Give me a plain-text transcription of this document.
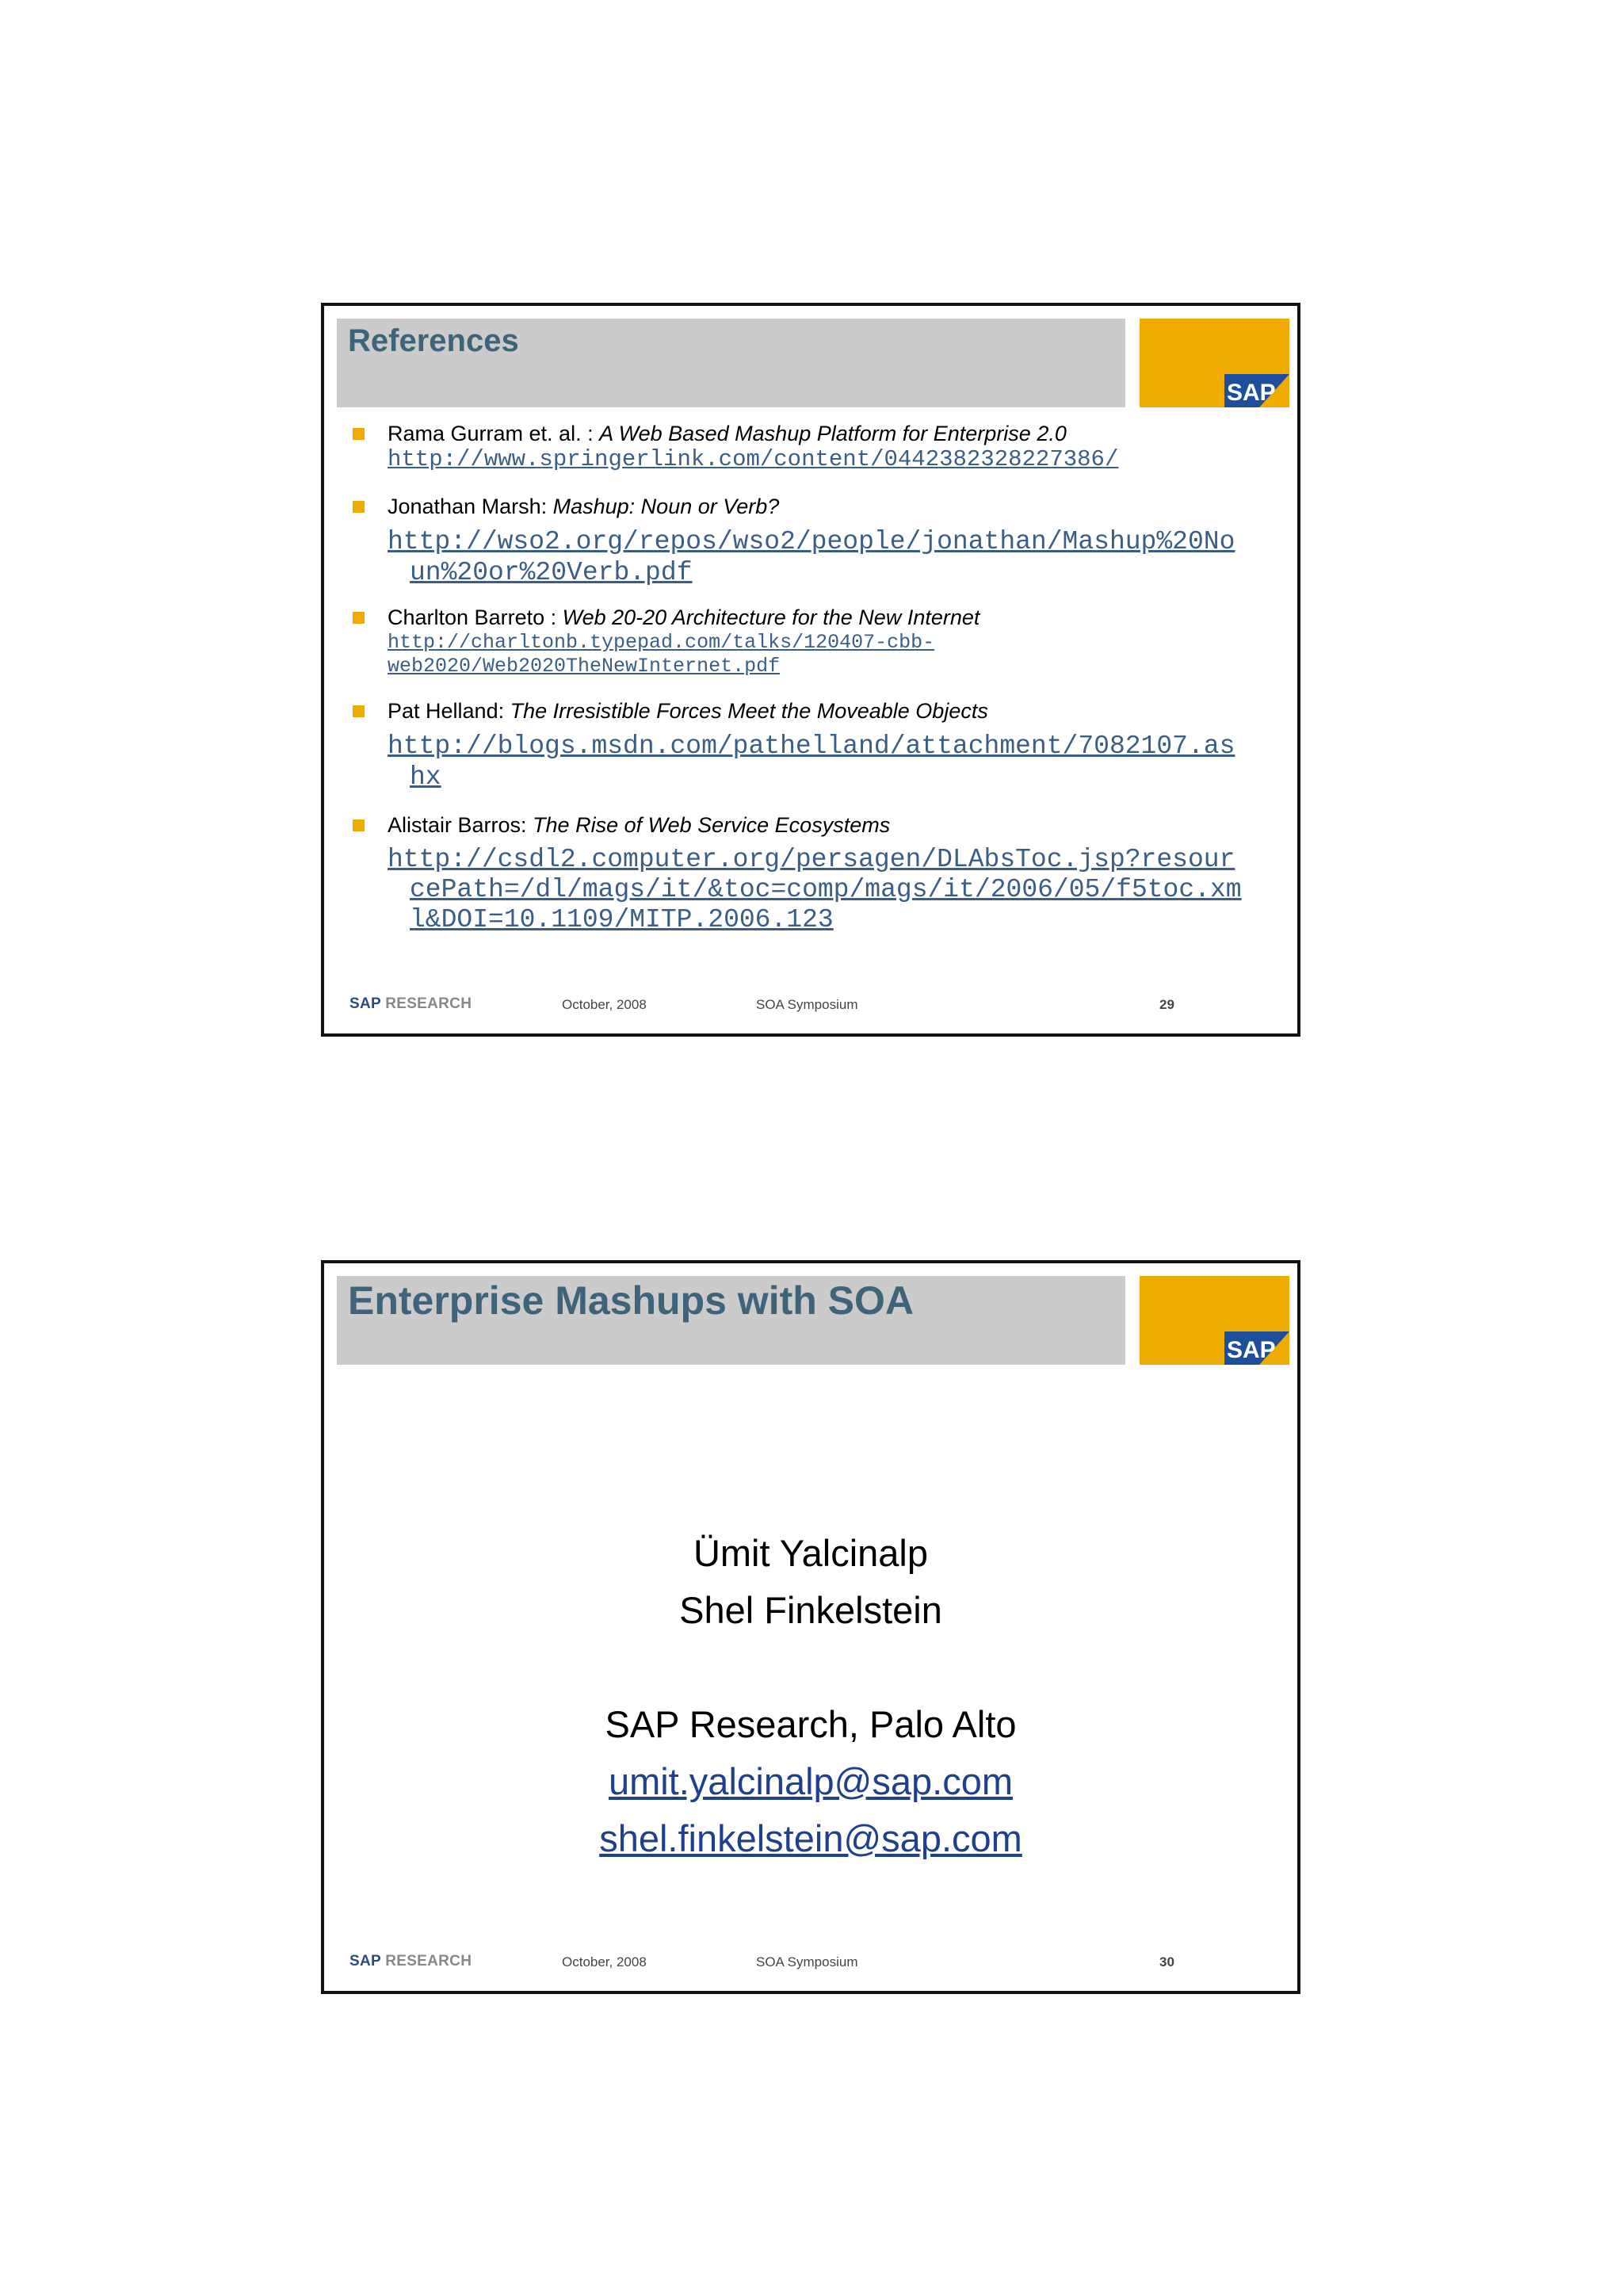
References
SAP
Rama Gurram et. al. : A Web Based Mashup Platform for Enterprise 2.0
http://www.springerlink.com/content/0442382328227386/
Jonathan Marsh: Mashup: Noun or Verb?
http://wso2.org/repos/wso2/people/jonathan/Mashup%20No
un%20or%20Verb.pdf
Charlton Barreto : Web 20-20 Architecture for the New Internet
http://charltonb.typepad.com/talks/120407-cbb-
web2020/Web2020TheNewInternet.pdf
Pat Helland: The Irresistible Forces Meet the Moveable Objects
http://blogs.msdn.com/pathelland/attachment/7082107.as
hx
Alistair Barros: The Rise of Web Service Ecosystems
http://csdl2.computer.org/persagen/DLAbsToc.jsp?resour
cePath=/dl/mags/it/&toc=comp/mags/it/2006/05/f5toc.xm
l&DOI=10.1109/MITP.2006.123
SAP RESEARCH	October, 2008	SOA Symposium	29
Enterprise Mashups with SOA
SAP
Ümit Yalcinalp
Shel Finkelstein
SAP Research, Palo Alto
umit.yalcinalp@sap.com
shel.finkelstein@sap.com
SAP RESEARCH	October, 2008	SOA Symposium	30
